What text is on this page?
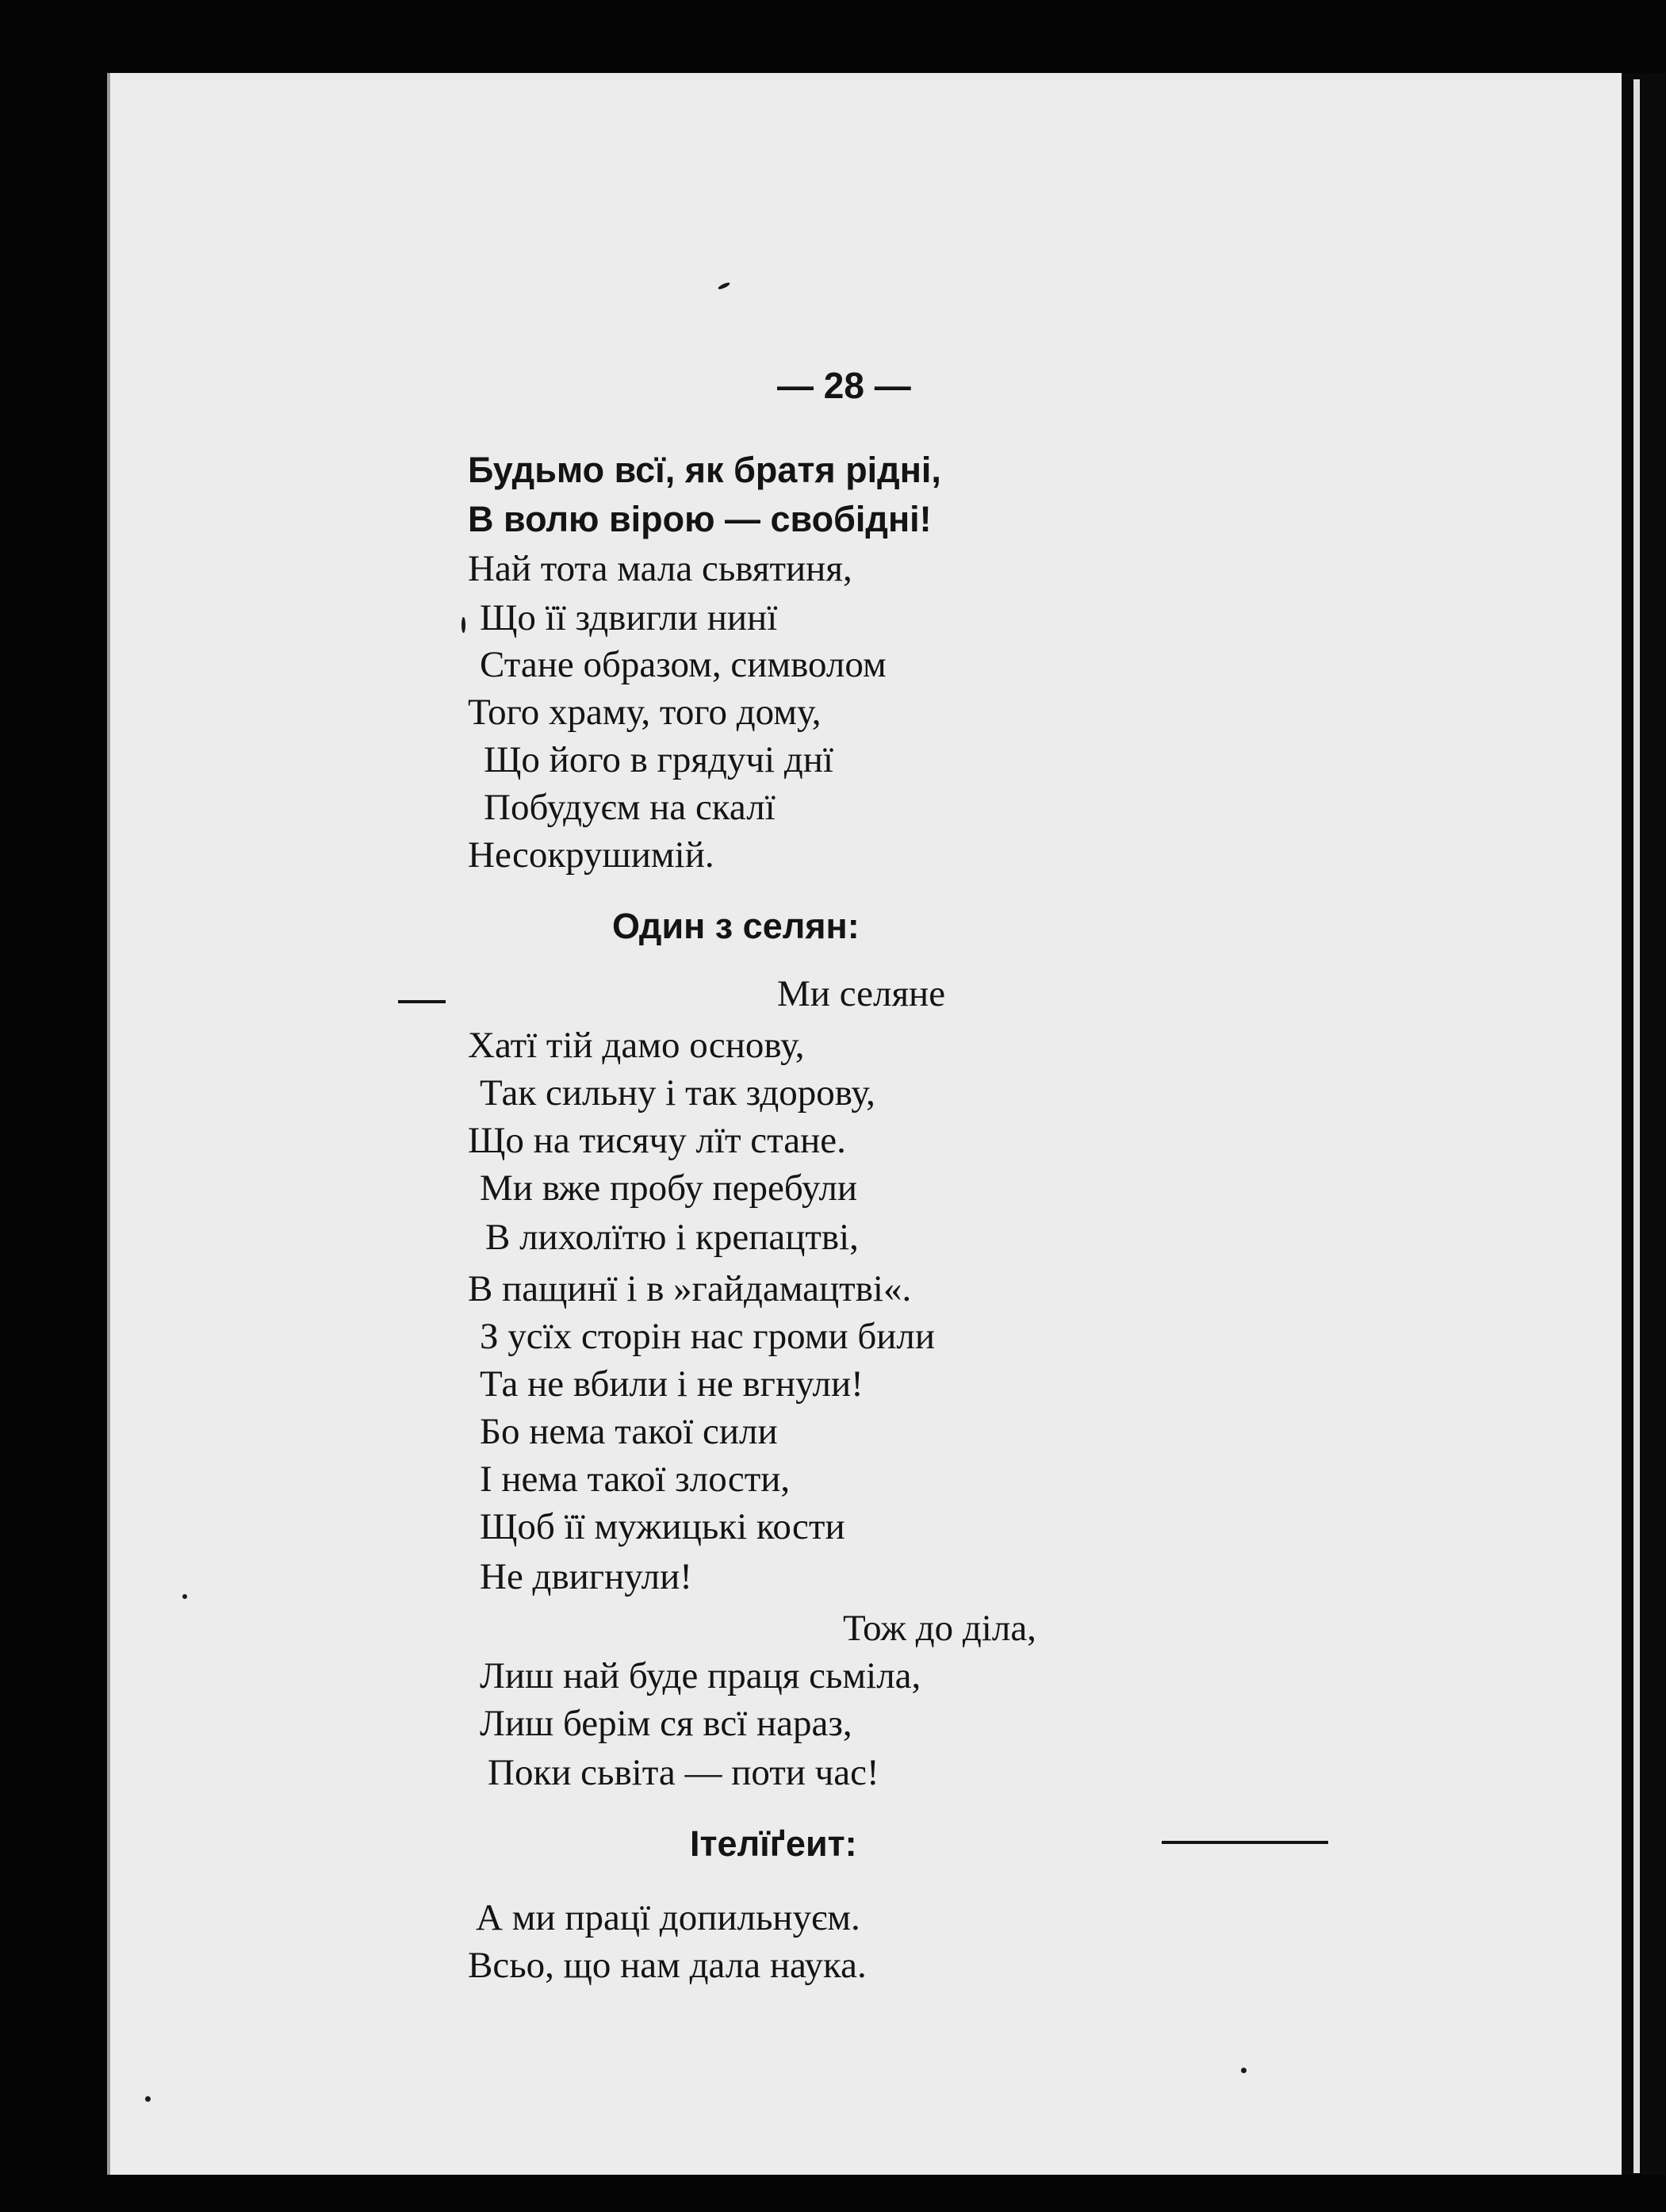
— 28 —
Будьмо всї, як братя рідні,
В волю вірою — свобідні!
Най тота мала сьвятиня,
Що її здвигли нинї
Стане образом, символом
Того храму, того дому,
Що його в грядучі днї
Побудуєм на скалї
Несокрушимій.
Один з селян:
Ми селяне
Хатї тій дамо основу,
Так сильну і так здорову,
Що на тисячу лїт стане.
Ми вже пробу перебули
В лихолїтю і крепацтві,
В пащинї і в »гайдамацтві«.
З усїх сторін нас громи били
Та не вбили і не вгнули!
Бо нема такої сили
І нема такої злости,
Щоб її мужицькі кости
Не двигнули!
Тож до діла,
Лиш най буде праця сьміла,
Лиш берім ся всї нараз,
Поки сьвіта — поти час!
Ітелїґеит:
А ми працї допильнуєм.
Всьо, що нам дала наука.
